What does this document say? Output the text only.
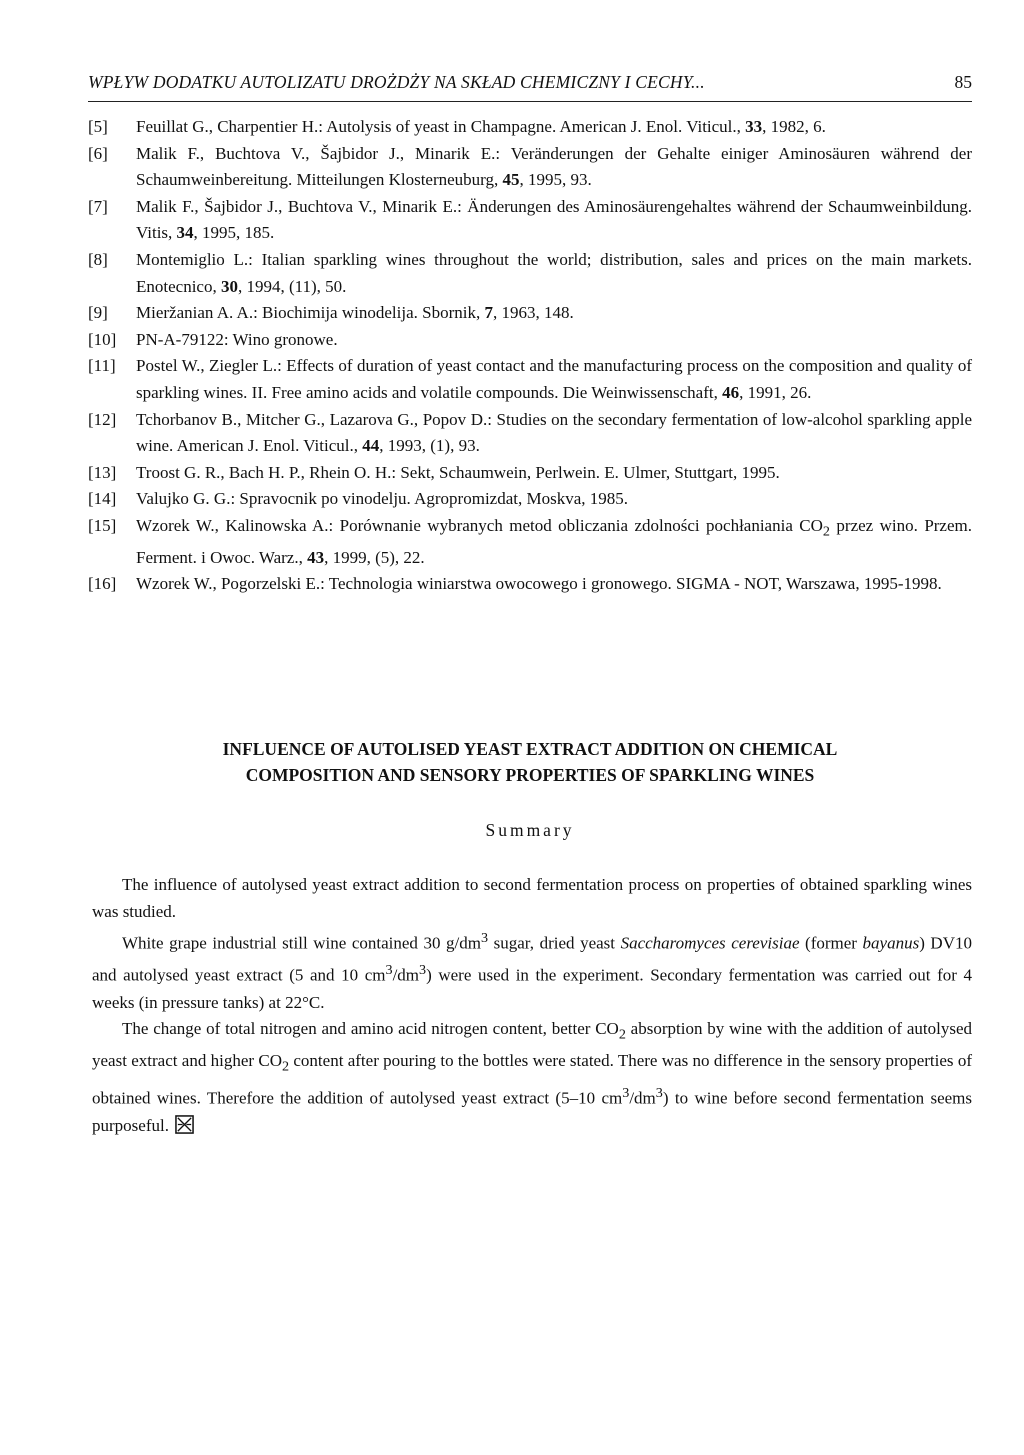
WPŁYW DODATKU AUTOLIZATU DROŻDŻY NA SKŁAD CHEMICZNY I CECHY...	85
[5]	Feuillat G., Charpentier H.: Autolysis of yeast in Champagne. American J. Enol. Viticul., 33, 1982, 6.
[6]	Malik F., Buchtova V., Šajbidor J., Minarik E.: Veränderungen der Gehalte einiger Aminosäuren während der Schaumweinbereitung. Mitteilungen Klosterneuburg, 45, 1995, 93.
[7]	Malik F., Šajbidor J., Buchtova V., Minarik E.: Änderungen des Aminosäurengehaltes während der Schaumweinbildung. Vitis, 34, 1995, 185.
[8]	Montemiglio L.: Italian sparkling wines throughout the world; distribution, sales and prices on the main markets. Enotecnico, 30, 1994, (11), 50.
[9]	Mieržanian A. A.: Biochimija winodelija. Sbornik, 7, 1963, 148.
[10]	PN-A-79122: Wino gronowe.
[11]	Postel W., Ziegler L.: Effects of duration of yeast contact and the manufacturing process on the composition and quality of sparkling wines. II. Free amino acids and volatile compounds. Die Weinwissenschaft, 46, 1991, 26.
[12]	Tchorbanov B., Mitcher G., Lazarova G., Popov D.: Studies on the secondary fermentation of low-alcohol sparkling apple wine. American J. Enol. Viticul., 44, 1993, (1), 93.
[13]	Troost G. R., Bach H. P., Rhein O. H.: Sekt, Schaumwein, Perlwein. E. Ulmer, Stuttgart, 1995.
[14]	Valujko G. G.: Spravocnik po vinodelju. Agropromizdat, Moskva, 1985.
[15]	Wzorek W., Kalinowska A.: Porównanie wybranych metod obliczania zdolności pochłaniania $CO_2$ przez wino. Przem. Ferment. i Owoc. Warz., 43, 1999, (5), 22.
[16]	Wzorek W., Pogorzelski E.: Technologia winiarstwa owocowego i gronowego. SIGMA - NOT, Warszawa, 1995-1998.
INFLUENCE OF AUTOLISED YEAST EXTRACT ADDITION ON CHEMICAL
COMPOSITION AND SENSORY PROPERTIES OF SPARKLING WINES
Summary

The influence of autolysed yeast extract addition to second fermentation process on properties of obtained sparkling wines was studied.

White grape industrial still wine contained 30 $g/dm^3$ sugar, dried yeast Saccharomyces cerevisiae (former bayanus) DV10 and autolysed yeast extract (5 and 10 $cm^3/dm^3$) were used in the experiment. Secondary fermentation was carried out for 4 weeks (in pressure tanks) at 22°C.

The change of total nitrogen and amino acid nitrogen content, better $CO_2$ absorption by wine with the addition of autolysed yeast extract and higher $CO_2$ content after pouring to the bottles were stated. There was no difference in the sensory properties of obtained wines. Therefore the addition of autolysed yeast extract (5–10 $cm^3/dm^3$) to wine before second fermentation seems purposeful.
